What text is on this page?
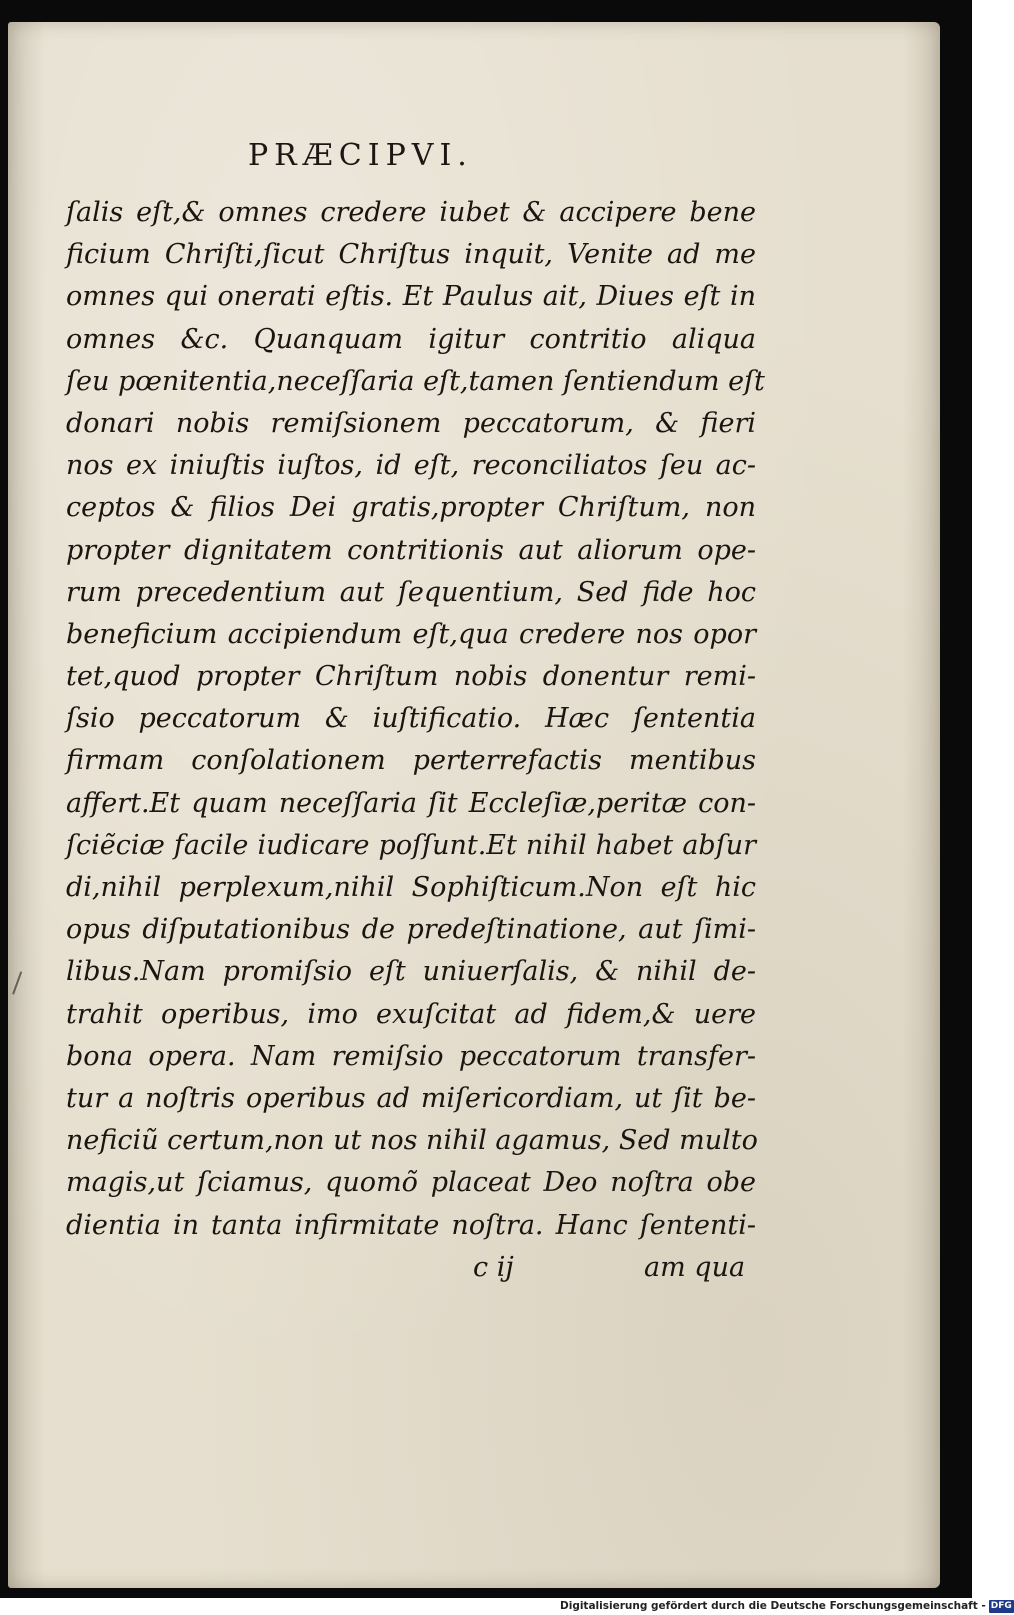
PRÆCIPVI.
ſalis eſt,& omnes credere iubet & accipere bene
ficium Chriſti,ſicut Chriſtus inquit, Venite ad me
omnes qui onerati eſtis. Et Paulus ait, Diues eſt in
omnes &c. Quanquam igitur contritio aliqua
ſeu pœnitentia,neceſſaria eſt,tamen ſentiendum eſt
donari nobis remiſsionem peccatorum, & fieri
nos ex iniuſtis iuſtos, id eſt, reconciliatos ſeu ac-
ceptos & filios Dei gratis,propter Chriſtum, non
propter dignitatem contritionis aut aliorum ope-
rum precedentium aut ſequentium, Sed fide hoc
beneficium accipiendum eſt,qua credere nos opor
tet,quod propter Chriſtum nobis donentur remi-
ſsio peccatorum & iuſtificatio. Hæc ſententia
firmam conſolationem perterrefactis mentibus
affert.Et quam neceſſaria ſit Eccleſiæ,peritæ con-
ſciẽciæ facile iudicare poſſunt.Et nihil habet abſur
di,nihil perplexum,nihil Sophiſticum.Non eſt hic
opus diſputationibus de predeſtinatione, aut ſimi-
libus.Nam promiſsio eſt uniuerſalis, & nihil de-
trahit operibus, imo exuſcitat ad fidem,& uere
bona opera. Nam remiſsio peccatorum transfer-
tur a noſtris operibus ad miſericordiam, ut ſit be-
neficiũ certum,non ut nos nihil agamus, Sed multo
magis,ut ſciamus, quomõ placeat Deo noſtra obe
dientia in tanta infirmitate noſtra. Hanc ſententi-
c ij	am qua
Digitalisierung gefördert durch die Deutsche Forschungsgemeinschaft - DFG
